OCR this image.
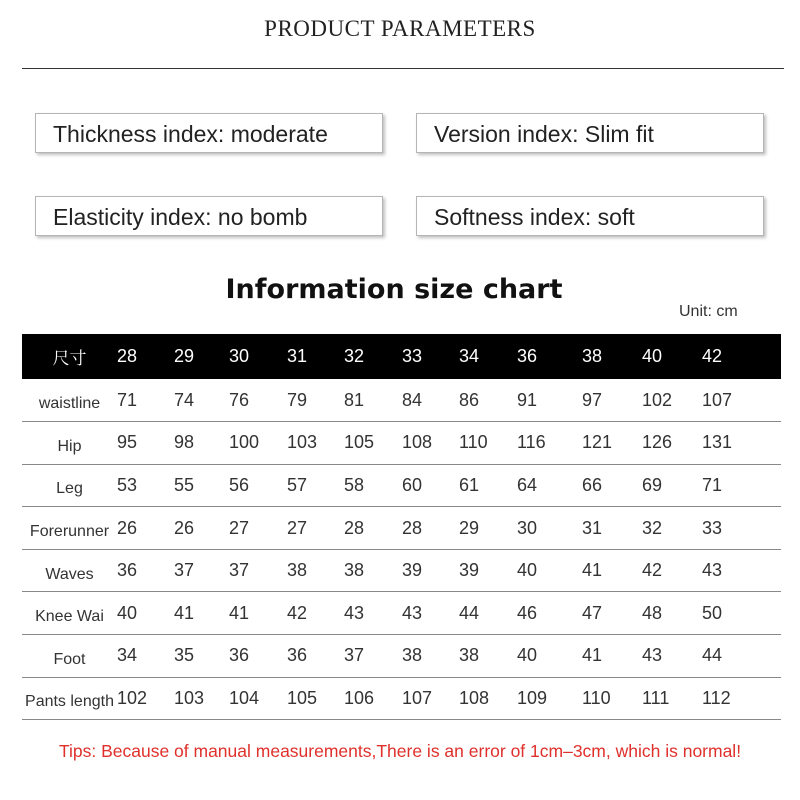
PRODUCT PARAMETERS
Thickness index: moderate	Version index: Slim ﬁt
Elasticity index: no bomb	Softness index: soft
Information size chart
Unit: cm
尺寸	28	29	30	31	32	33	34	36	38	40	42
waistline	71	74	76	79	81	84	86	91	97	102	107
Hip	95	98	100	103	105	108	110	116	121	126	131
Leg	53	55	56	57	58	60	61	64	66	69	71
Forerunner	26	26	27	27	28	28	29	30	31	32	33
Waves	36	37	37	38	38	39	39	40	41	42	43
Knee Wai	40	41	41	42	43	43	44	46	47	48	50
Foot	34	35	36	36	37	38	38	40	41	43	44
Pants length	102	103	104	105	106	107	108	109	110	111	112
Tips: Because of manual measurements,There is an error of 1cm–3cm, which is normal!
